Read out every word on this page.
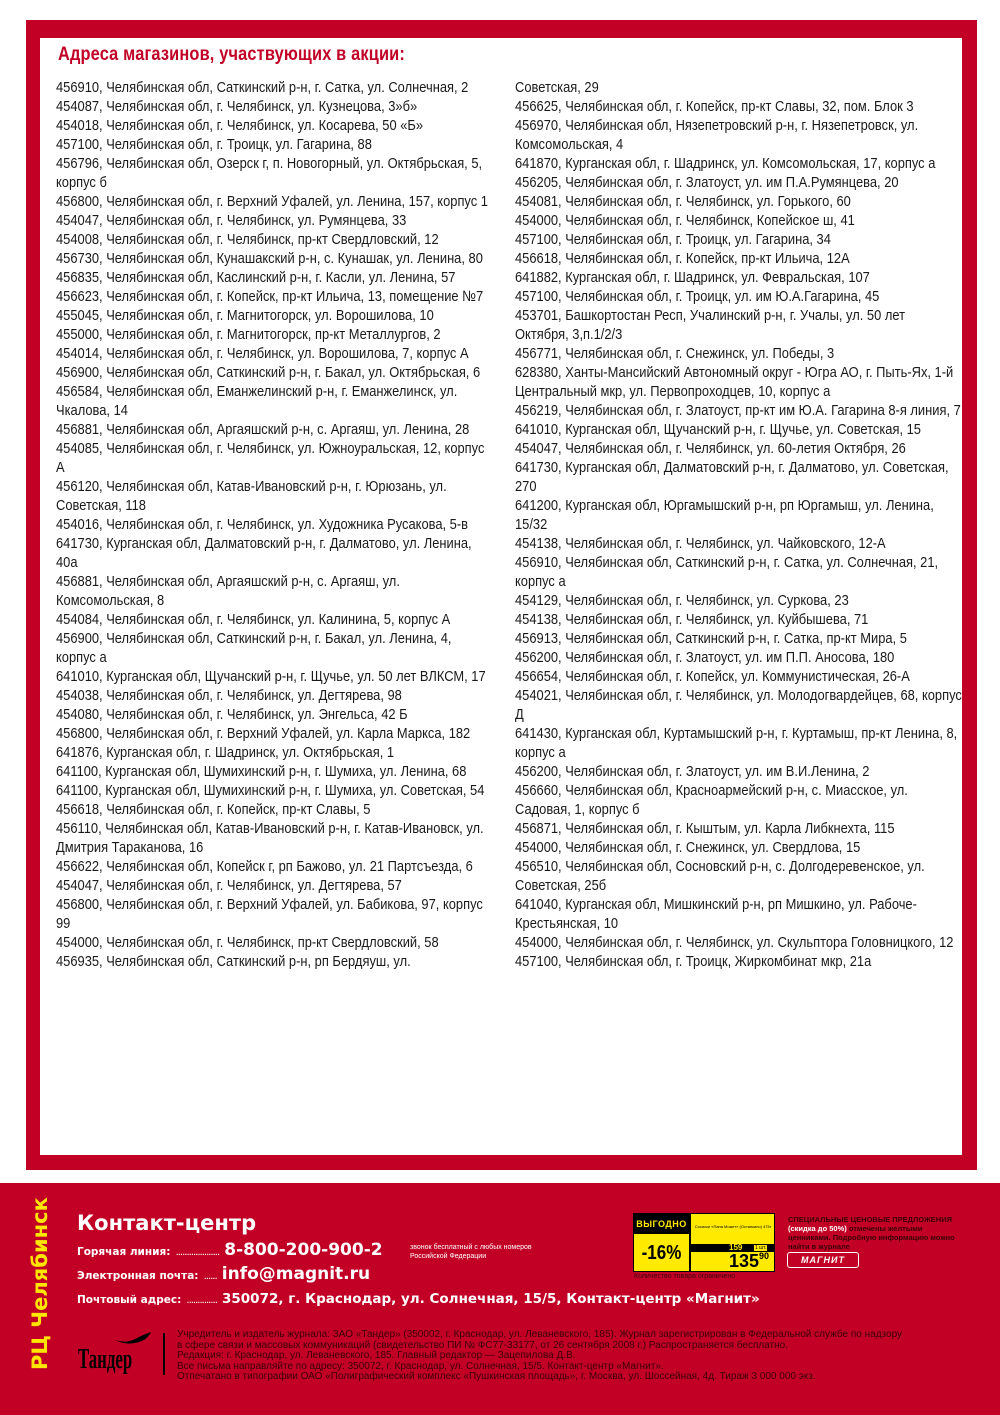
Адреса магазинов, участвующих в акции:
456910, Челябинская обл, Саткинский р-н, г. Сатка, ул. Солнечная, 2
454087, Челябинская обл, г. Челябинск, ул. Кузнецова, 3»б»
454018, Челябинская обл, г. Челябинск, ул. Косарева, 50 «Б»
457100, Челябинская обл, г. Троицк, ул. Гагарина, 88
456796, Челябинская обл, Озерск г, п. Новогорный, ул. Октябрьская, 5, корпус б
456800, Челябинская обл, г. Верхний Уфалей, ул. Ленина, 157, корпус 1
454047, Челябинская обл, г. Челябинск, ул. Румянцева, 33
454008, Челябинская обл, г. Челябинск, пр-кт Свердловский, 12
456730, Челябинская обл, Кунашакский р-н, с. Кунашак, ул. Ленина, 80
456835, Челябинская обл, Каслинский р-н, г. Касли, ул. Ленина, 57
456623, Челябинская обл, г. Копейск, пр-кт Ильича, 13, помещение №7
455045, Челябинская обл, г. Магнитогорск, ул. Ворошилова, 10
455000, Челябинская обл, г. Магнитогорск, пр-кт Металлургов, 2
454014, Челябинская обл, г. Челябинск, ул. Ворошилова, 7, корпус А
456900, Челябинская обл, Саткинский р-н, г. Бакал, ул. Октябрьская, 6
456584, Челябинская обл, Еманжелинский р-н, г. Еманжелинск, ул. Чкалова, 14
456881, Челябинская обл, Аргаяшский р-н, с. Аргаяш, ул. Ленина, 28
454085, Челябинская обл, г. Челябинск, ул. Южноуральская, 12, корпус А
456120, Челябинская обл, Катав-Ивановский р-н, г. Юрюзань, ул. Советская, 118
454016, Челябинская обл, г. Челябинск, ул. Художника Русакова, 5-в
641730, Курганская обл, Далматовский р-н, г. Далматово, ул. Ленина, 40а
456881, Челябинская обл, Аргаяшский р-н, с. Аргаяш, ул. Комсомольская, 8
454084, Челябинская обл, г. Челябинск, ул. Калинина, 5, корпус А
456900, Челябинская обл, Саткинский р-н, г. Бакал, ул. Ленина, 4, корпус а
641010, Курганская обл, Щучанский р-н, г. Щучье, ул. 50 лет ВЛКСМ, 17
454038, Челябинская обл, г. Челябинск, ул. Дегтярева, 98
454080, Челябинская обл, г. Челябинск, ул. Энгельса, 42 Б
456800, Челябинская обл, г. Верхний Уфалей, ул. Карла Маркса, 182
641876, Курганская обл, г. Шадринск, ул. Октябрьская, 1
641100, Курганская обл, Шумихинский р-н, г. Шумиха, ул. Ленина, 68
641100, Курганская обл, Шумихинский р-н, г. Шумиха, ул. Советская, 54
456618, Челябинская обл, г. Копейск, пр-кт Славы, 5
456110, Челябинская обл, Катав-Ивановский р-н, г. Катав-Ивановск, ул. Дмитрия Тараканова, 16
456622, Челябинская обл, Копейск г, рп Бажово, ул. 21 Партсъезда, 6
454047, Челябинская обл, г. Челябинск, ул. Дегтярева, 57
456800, Челябинская обл, г. Верхний Уфалей, ул. Бабикова, 97, корпус 99
454000, Челябинская обл, г. Челябинск, пр-кт Свердловский, 58
456935, Челябинская обл, Саткинский р-н, рп Бердяуш, ул.
Советская, 29
456625, Челябинская обл, г. Копейск, пр-кт Славы, 32, пом. Блок 3
456970, Челябинская обл, Нязепетровский р-н, г. Нязепетровск, ул. Комсомольская, 4
641870, Курганская обл, г. Шадринск, ул. Комсомольская, 17, корпус а
456205, Челябинская обл, г. Златоуст, ул. им П.А.Румянцева, 20
454081, Челябинская обл, г. Челябинск, ул. Горького, 60
454000, Челябинская обл, г. Челябинск, Копейское ш, 41
457100, Челябинская обл, г. Троицк, ул. Гагарина, 34
456618, Челябинская обл, г. Копейск, пр-кт Ильича, 12А
641882, Курганская обл, г. Шадринск, ул. Февральская, 107
457100, Челябинская обл, г. Троицк, ул. им Ю.А.Гагарина, 45
453701, Башкортостан Респ, Учалинский р-н, г. Учалы, ул. 50 лет Октября, 3,п.1/2/3
456771, Челябинская обл, г. Снежинск, ул. Победы, 3
628380, Ханты-Мансийский Автономный округ - Югра АО, г. Пыть-Ях, 1-й Центральный мкр, ул. Первопроходцев, 10, корпус а
456219, Челябинская обл, г. Златоуст, пр-кт им Ю.А. Гагарина 8-я линия, 7
641010, Курганская обл, Щучанский р-н, г. Щучье, ул. Советская, 15
454047, Челябинская обл, г. Челябинск, ул. 60-летия Октября, 26
641730, Курганская обл, Далматовский р-н, г. Далматово, ул. Советская, 270
641200, Курганская обл, Юргамышский р-н, рп Юргамыш, ул. Ленина, 15/32
454138, Челябинская обл, г. Челябинск, ул. Чайковского, 12-А
456910, Челябинская обл, Саткинский р-н, г. Сатка, ул. Солнечная, 21, корпус а
454129, Челябинская обл, г. Челябинск, ул. Суркова, 23
454138, Челябинская обл, г. Челябинск, ул. Куйбышева, 71
456913, Челябинская обл, Саткинский р-н, г. Сатка, пр-кт Мира, 5
456200, Челябинская обл, г. Златоуст, ул. им П.П. Аносова, 180
456654, Челябинская обл, г. Копейск, ул. Коммунистическая, 26-А
454021, Челябинская обл, г. Челябинск, ул. Молодогвардейцев, 68, корпус Д
641430, Курганская обл, Куртамышский р-н, г. Куртамыш, пр-кт Ленина, 8, корпус а
456200, Челябинская обл, г. Златоуст, ул. им В.И.Ленина, 2
456660, Челябинская обл, Красноармейский р-н, с. Миасское, ул. Садовая, 1, корпус б
456871, Челябинская обл, г. Кыштым, ул. Карла Либкнехта, 115
454000, Челябинская обл, г. Снежинск, ул. Свердлова, 15
456510, Челябинская обл, Сосновский р-н, с. Долгодеревенское, ул. Советская, 25б
641040, Курганская обл, Мишкинский р-н, рп Мишкино, ул. Рабоче-Крестьянская, 10
454000, Челябинская обл, г. Челябинск, ул. Скульптора Головницкого, 12
457100, Челябинская обл, г. Троицк, Жиркомбинат мкр, 21а
РЦ Челябинск Контакт-центр
Горячая линия: .................... 8-800-200-900-2	звонок бесплатный с любых номеров Российской Федерации
Электронная почта: ...... info@magnit.ru
Почтовый адрес: .............. 350072, г. Краснодар, ул. Солнечная, 15/5, Контакт-центр «Магнит»
ВЫГОДНО
-16%
Сосиски «Папа Может» (Останкино) 475г
159	1 шт.
$135^{90}$
Количество товара ограничено
СПЕЦИАЛЬНЫЕ ЦЕНОВЫЕ ПРЕДЛОЖЕНИЯ
(скидка до 50%) отмечены желтыми ценниками. Подробную информацию можно найти в журнале
МАГНИТ
Тандер
Учредитель и издатель журнала: ЗАО «Тандер» (350002, г. Краснодар, ул. Леваневского, 185). Журнал зарегистрирован в Федеральной службе по надзору
в сфере связи и массовых коммуникаций (свидетельство ПИ № ФС77-33177, от 26 сентября 2008 г.) Распространяется бесплатно.
Редакция: г. Краснодар, ул. Леваневского, 185. Главный редактор — Зацепилова Д.В.
Все письма направляйте по адресу: 350072, г. Краснодар, ул. Солнечная, 15/5. Контакт-центр «Магнит».
Отпечатано в типографии ОАО «Полиграфический комплекс «Пушкинская площадь», г. Москва, ул. Шоссейная, 4д. Тираж 3 000 000 экз.
